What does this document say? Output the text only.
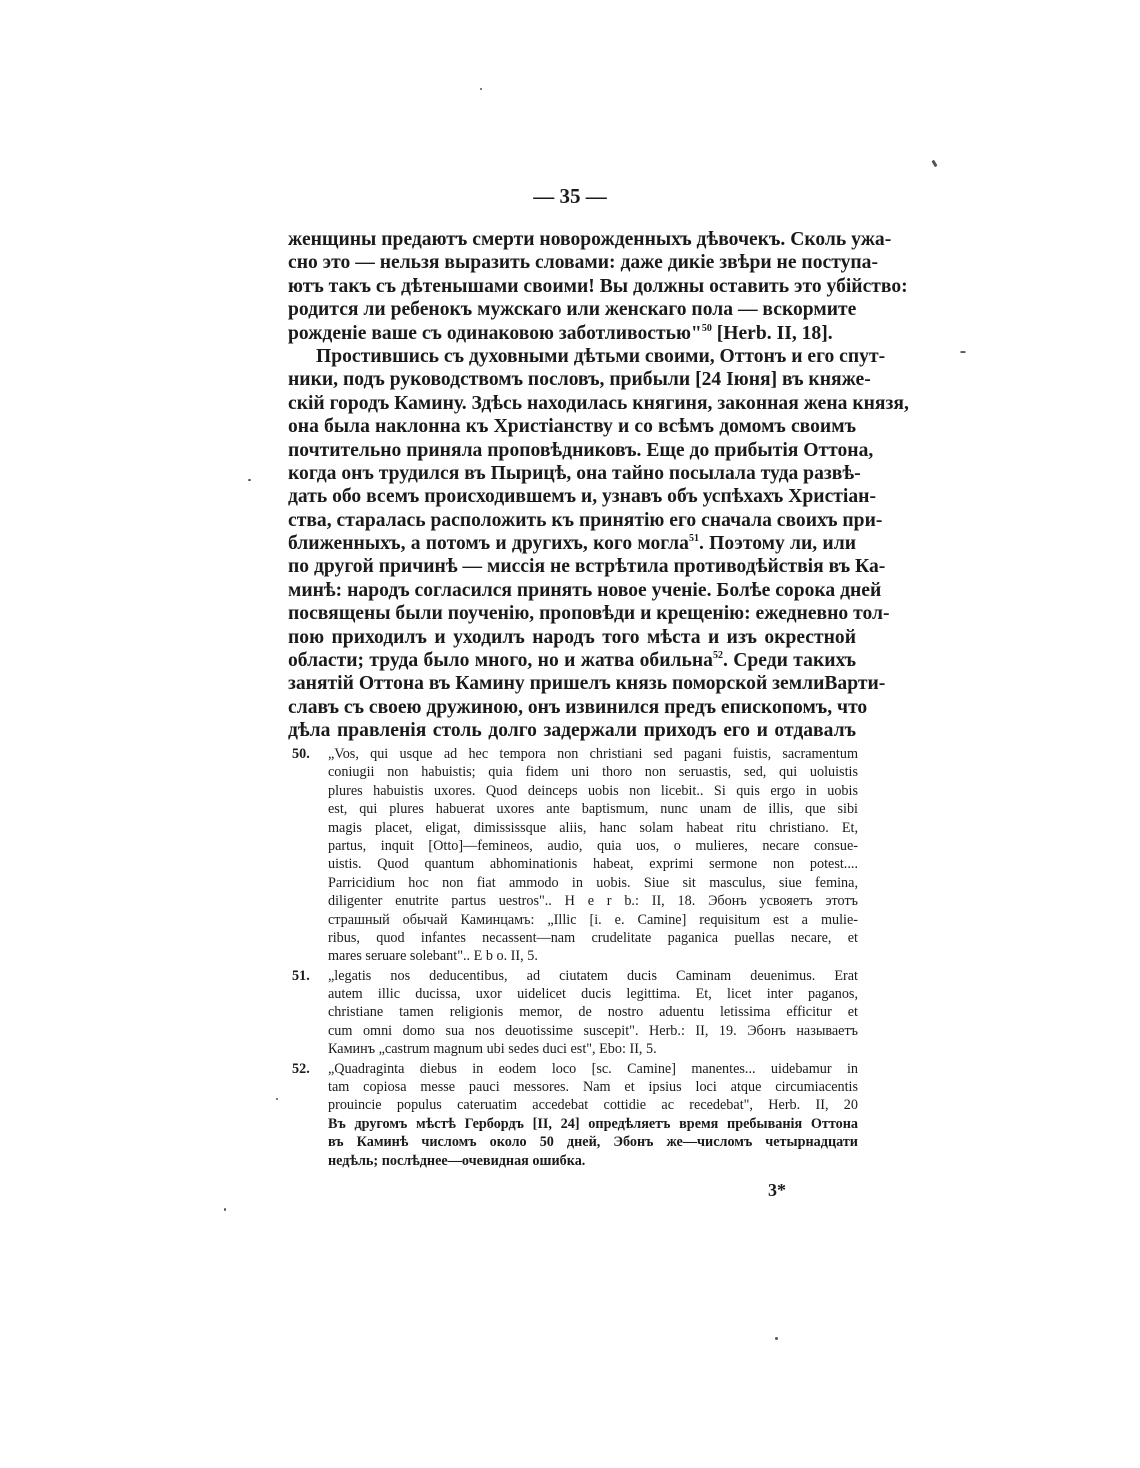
— 35 —
женщины предаютъ смерти новорожденныхъ дѣвочекъ. Сколь ужа-
сно это — нельзя выразить словами: даже дикіе звѣри не поступа-
ютъ такъ съ дѣтенышами своими! Вы должны оставить это убійство:
родится ли ребенокъ мужскаго или женскаго пола — вскормите
рожденіе ваше съ одинаковою заботливостью"$^{50}$ [Herb. II, 18].
Простившись съ духовными дѣтьми своими, Оттонъ и его спут-
ники, подъ руководствомъ пословъ, прибыли [24 Іюня] въ княже-
скій городъ Камину. Здѣсь находилась княгиня, законная жена князя,
она была наклонна къ Христіанству и со всѣмъ домомъ своимъ
почтительно приняла проповѣдниковъ. Еще до прибытія Оттона,
когда онъ трудился въ Пырицѣ, она тайно посылала туда развѣ-
дать обо всемъ происходившемъ и, узнавъ объ успѣхахъ Христіан-
ства, старалась расположить къ принятію его сначала своихъ при-
ближенныхъ, а потомъ и другихъ, кого могла$^{51}$. Поэтому ли, или
по другой причинѣ — миссія не встрѣтила противодѣйствія въ Ка-
минѣ: народъ согласился принять новое ученіе. Болѣе сорока дней
посвящены были поученію, проповѣди и крещенію: ежедневно тол-
пою приходилъ и уходилъ народъ того мѣста и изъ окрестной
области; труда было много, но и жатва обильна$^{52}$. Среди такихъ
занятій Оттона въ Камину пришелъ князь поморской землиВарти-
славъ съ своею дружиною, онъ извинился предъ епископомъ, что
дѣла правленія столь долго задержали приходъ его и отдавалъ
50. „Vos, qui usque ad hec tempora non christiani sed pagani fuistis, sacramentum
coniugii non habuistis; quia fidem uni thoro non seruastis, sed, qui uoluistis
plures habuistis uxores. Quod deinceps uobis non licebit.. Si quis ergo in uobis
est, qui plures habuerat uxores ante baptismum, nunc unam de illis, que sibi
magis placet, eligat, dimississque aliis, hanc solam habeat ritu christiano. Et,
partus, inquit [Otto]—femineos, audio, quia uos, o mulieres, necare consue-
uistis. Quod quantum abhominationis habeat, exprimi sermone non potest....
Parricidium hoc non fiat ammodo in uobis. Siue sit masculus, siue femina,
diligenter enutrite partus uestros".. H e r b.: II, 18. Эбонъ усвояетъ этотъ
страшный обычай Каминцамъ: „Illic [i. e. Camine] requisitum est a mulie-
ribus, quod infantes necassent—nam crudelitate paganica puellas necare, et
mares seruare solebant".. E b o. II, 5.
51. „legatis nos deducentibus, ad ciutatem ducis Caminam deuenimus. Erat
autem illic ducissa, uxor uidelicet ducis legittima. Et, licet inter paganos,
christiane tamen religionis memor, de nostro aduentu letissima efficitur et
cum omni domo sua nos deuotissime suscepit". Herb.: II, 19. Эбонъ называетъ
Каминъ „castrum magnum ubi sedes duci est", Ebo: II, 5.
52. „Quadraginta diebus in eodem loco [sc. Camine] manentes... uidebamur in
tam copiosa messe pauci messores. Nam et ipsius loci atque circumiacentis
prouincie populus cateruatim accedebat cottidie ac recedebat", Herb. II, 20
Въ другомъ мѣстѣ Гербордъ [II, 24] опредѣляетъ время пребыванія Оттона
въ Каминѣ числомъ около 50 дней, Эбонъ же—числомъ четырнадцати
недѣль; послѣднее—очевидная ошибка.
3*
